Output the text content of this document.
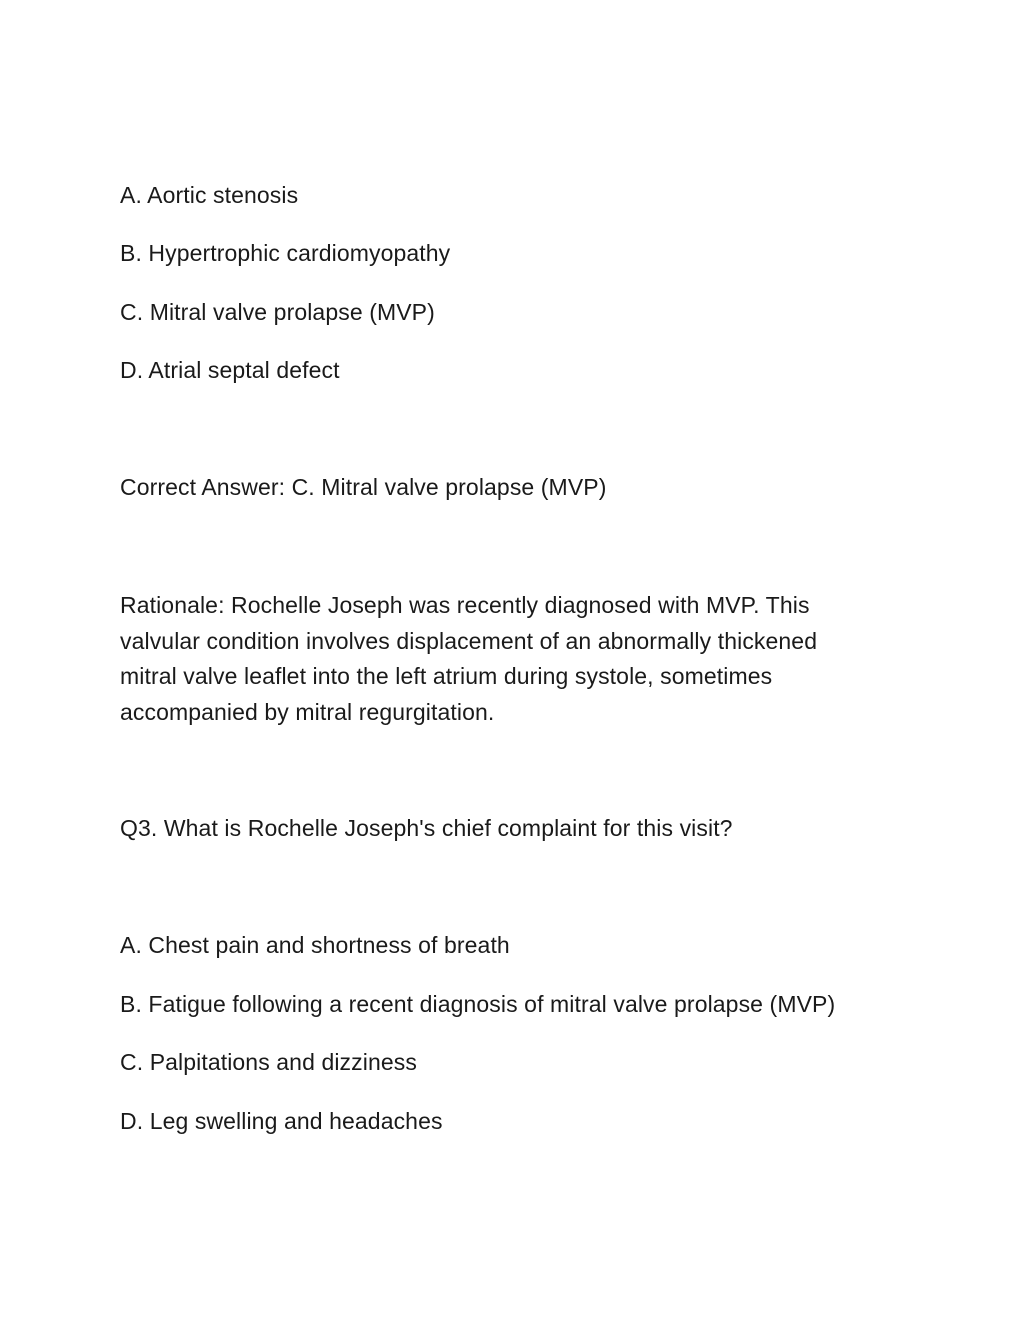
A. Aortic stenosis
B. Hypertrophic cardiomyopathy
C. Mitral valve prolapse (MVP)
D. Atrial septal defect
Correct Answer: C. Mitral valve prolapse (MVP)
Rationale: Rochelle Joseph was recently diagnosed with MVP. This
valvular condition involves displacement of an abnormally thickened
mitral valve leaflet into the left atrium during systole, sometimes
accompanied by mitral regurgitation.
Q3. What is Rochelle Joseph's chief complaint for this visit?
A. Chest pain and shortness of breath
B. Fatigue following a recent diagnosis of mitral valve prolapse (MVP)
C. Palpitations and dizziness
D. Leg swelling and headaches
